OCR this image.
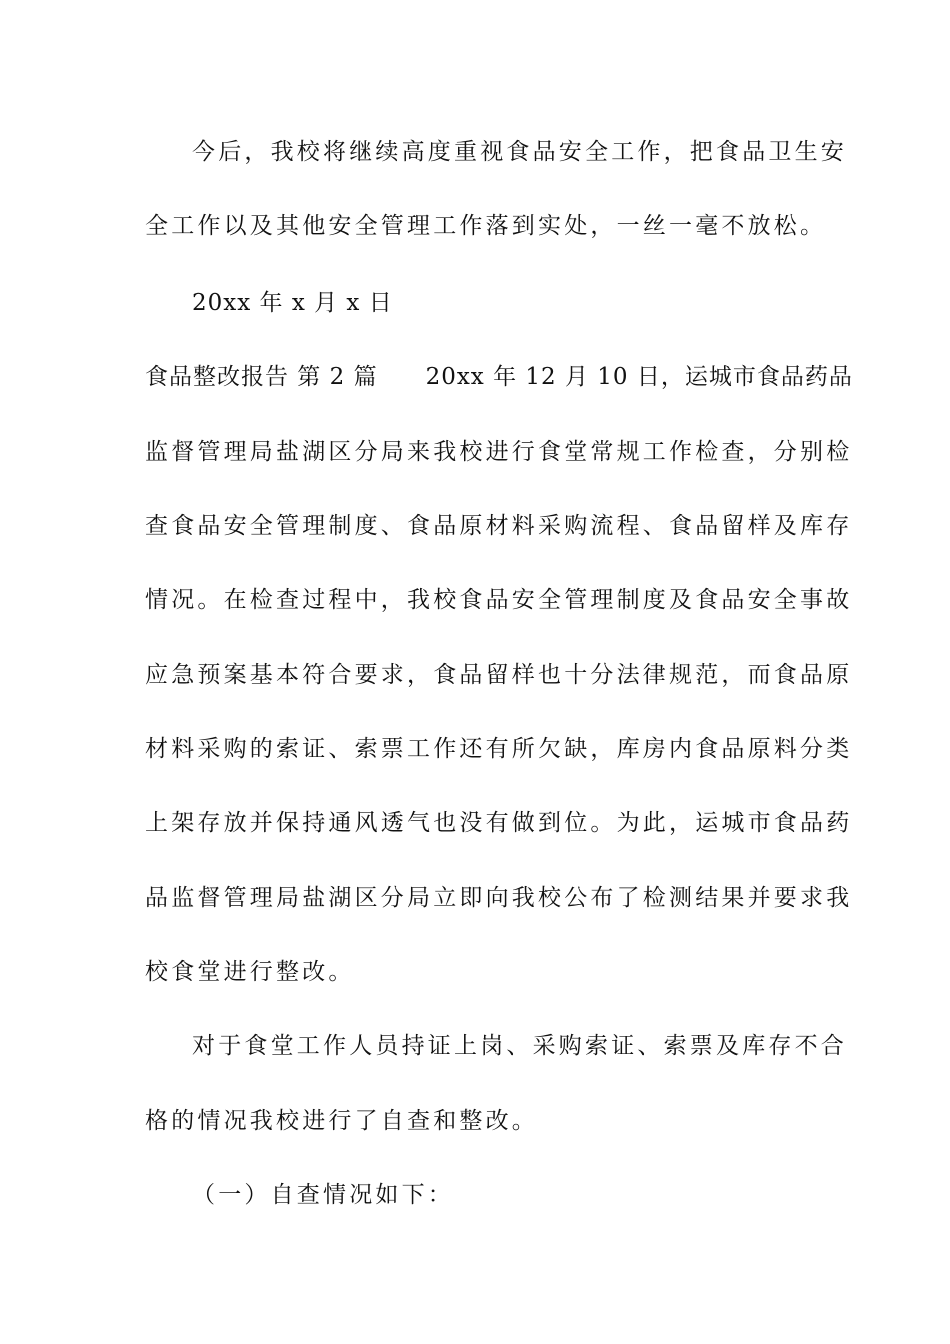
今后，我校将继续高度重视食品安全工作，把食品卫生安
全工作以及其他安全管理工作落到实处，一丝一毫不放松。
20xx 年 x 月 x 日
食品整改报告 第 2 篇　　20xx 年 12 月 10 日，运城市食品药品
监督管理局盐湖区分局来我校进行食堂常规工作检查，分别检
查食品安全管理制度、食品原材料采购流程、食品留样及库存
情况。在检查过程中，我校食品安全管理制度及食品安全事故
应急预案基本符合要求，食品留样也十分法律规范，而食品原
材料采购的索证、索票工作还有所欠缺，库房内食品原料分类
上架存放并保持通风透气也没有做到位。为此，运城市食品药
品监督管理局盐湖区分局立即向我校公布了检测结果并要求我
校食堂进行整改。
对于食堂工作人员持证上岗、采购索证、索票及库存不合
格的情况我校进行了自查和整改。
（一）自查情况如下：
